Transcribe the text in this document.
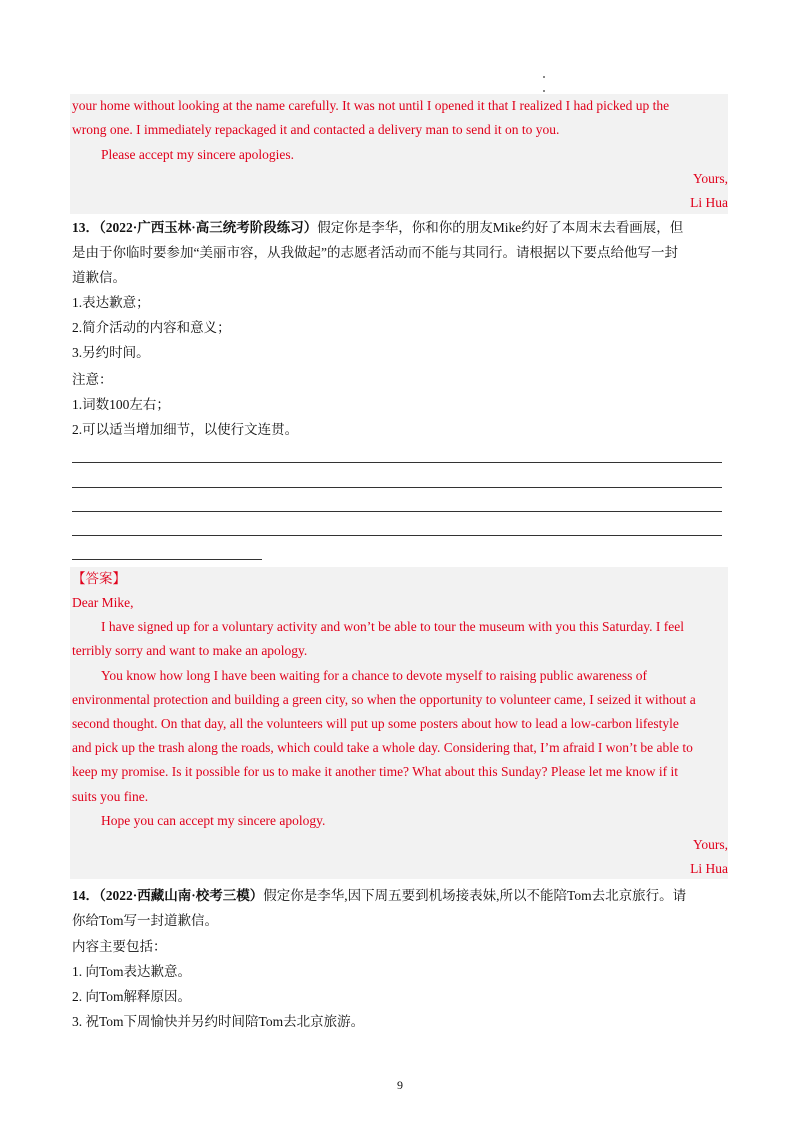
your home without looking at the name carefully. It was not until I opened it that I realized I had picked up the
wrong one. I immediately repackaged it and contacted a delivery man to send it on to you.
Please accept my sincere apologies.
Yours,
Li Hua
13．（2022·广西玉林·高三统考阶段练习）假定你是李华，你和你的朋友Mike约好了本周末去看画展，但
是由于你临时要参加“美丽市容，从我做起”的志愿者活动而不能与其同行。请根据以下要点给他写一封
道歉信。
1.表达歉意；
2.简介活动的内容和意义；
3.另约时间。
注意：
1.词数100左右；
2.可以适当增加细节，以使行文连贯。
【答案】
Dear Mike,
I have signed up for a voluntary activity and won’t be able to tour the museum with you this Saturday. I feel
terribly sorry and want to make an apology.
You know how long I have been waiting for a chance to devote myself to raising public awareness of
environmental protection and building a green city, so when the opportunity to volunteer came, I seized it without a
second thought. On that day, all the volunteers will put up some posters about how to lead a low-carbon lifestyle
and pick up the trash along the roads, which could take a whole day. Considering that, I’m afraid I won’t be able to
keep my promise. Is it possible for us to make it another time? What about this Sunday? Please let me know if it
suits you fine.
Hope you can accept my sincere apology.
Yours,
Li Hua
14．（2022·西藏山南·校考三模）假定你是李华,因下周五要到机场接表妹,所以不能陪Tom去北京旅行。请
你给Tom写一封道歉信。
内容主要包括：
1. 向Tom表达歉意。
2. 向Tom解释原因。
3. 祝Tom下周愉快并另约时间陪Tom去北京旅游。
9
